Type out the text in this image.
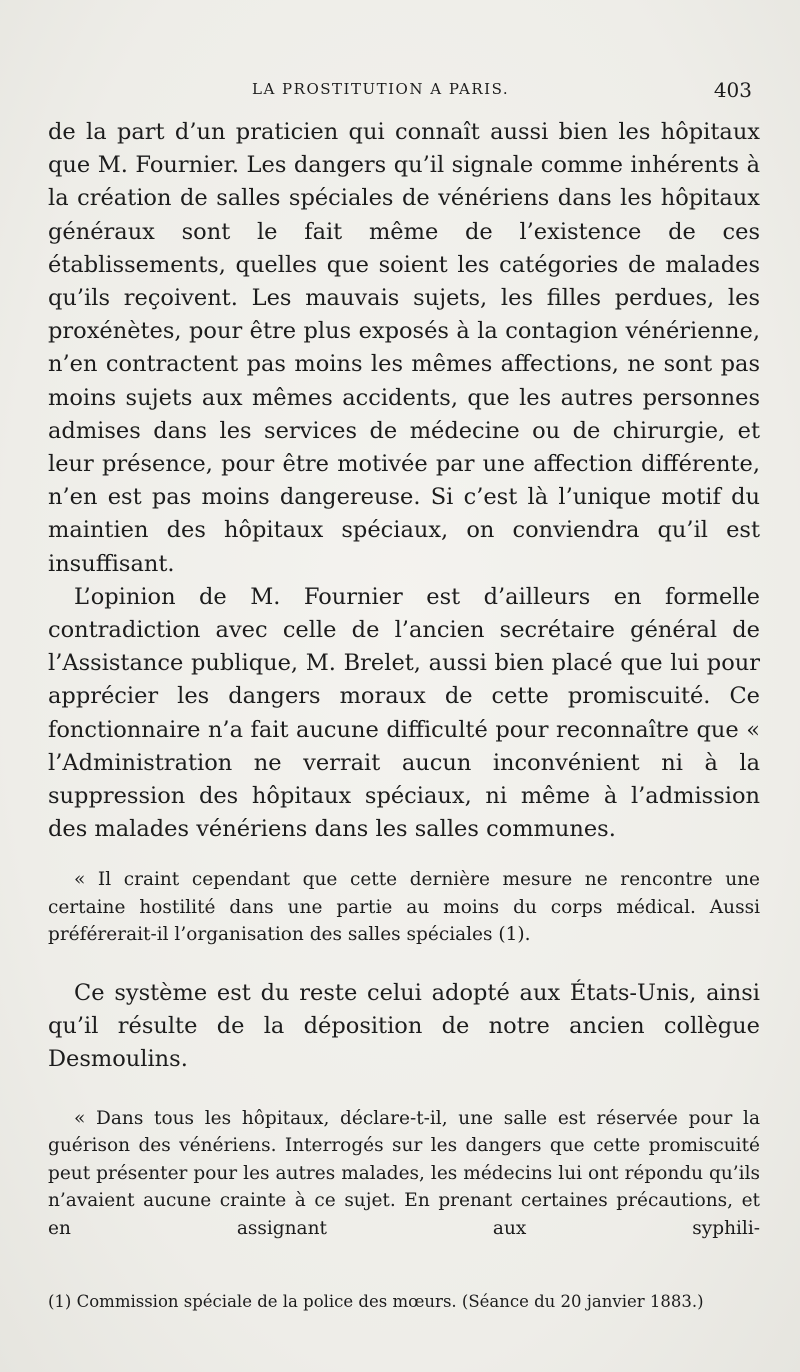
LA PROSTITUTION A PARIS.	403

de la part d’un praticien qui connaît aussi bien les hôpitaux que M. Fournier. Les dangers qu’il signale comme inhérents à la création de salles spéciales de vénériens dans les hôpitaux généraux sont le fait même de l’existence de ces établissements, quelles que soient les catégories de malades qu’ils reçoivent. Les mauvais sujets, les filles perdues, les proxénètes, pour être plus exposés à la contagion vénérienne, n’en contractent pas moins les mêmes affections, ne sont pas moins sujets aux mêmes accidents, que les autres personnes admises dans les services de médecine ou de chirurgie, et leur présence, pour être motivée par une affection différente, n’en est pas moins dangereuse. Si c’est là l’unique motif du maintien des hôpitaux spéciaux, on conviendra qu’il est insuffisant.

L’opinion de M. Fournier est d’ailleurs en formelle contradiction avec celle de l’ancien secrétaire général de l’Assistance publique, M. Brelet, aussi bien placé que lui pour apprécier les dangers moraux de cette promiscuité. Ce fonctionnaire n’a fait aucune difficulté pour reconnaître que « l’Administration ne verrait aucun inconvénient ni à la suppression des hôpitaux spéciaux, ni même à l’admission des malades vénériens dans les salles communes.

« Il craint cependant que cette dernière mesure ne rencontre une certaine hostilité dans une partie au moins du corps médical. Aussi préférerait-il l’organisation des salles spéciales (1).

Ce système est du reste celui adopté aux États-Unis, ainsi qu’il résulte de la déposition de notre ancien collègue Desmoulins.

« Dans tous les hôpitaux, déclare-t-il, une salle est réservée pour la guérison des vénériens. Interrogés sur les dangers que cette promiscuité peut présenter pour les autres malades, les médecins lui ont répondu qu’ils n’avaient aucune crainte à ce sujet. En prenant certaines précautions, et en assignant aux syphili-

(1) Commission spéciale de la police des mœurs. (Séance du 20 janvier 1883.)
